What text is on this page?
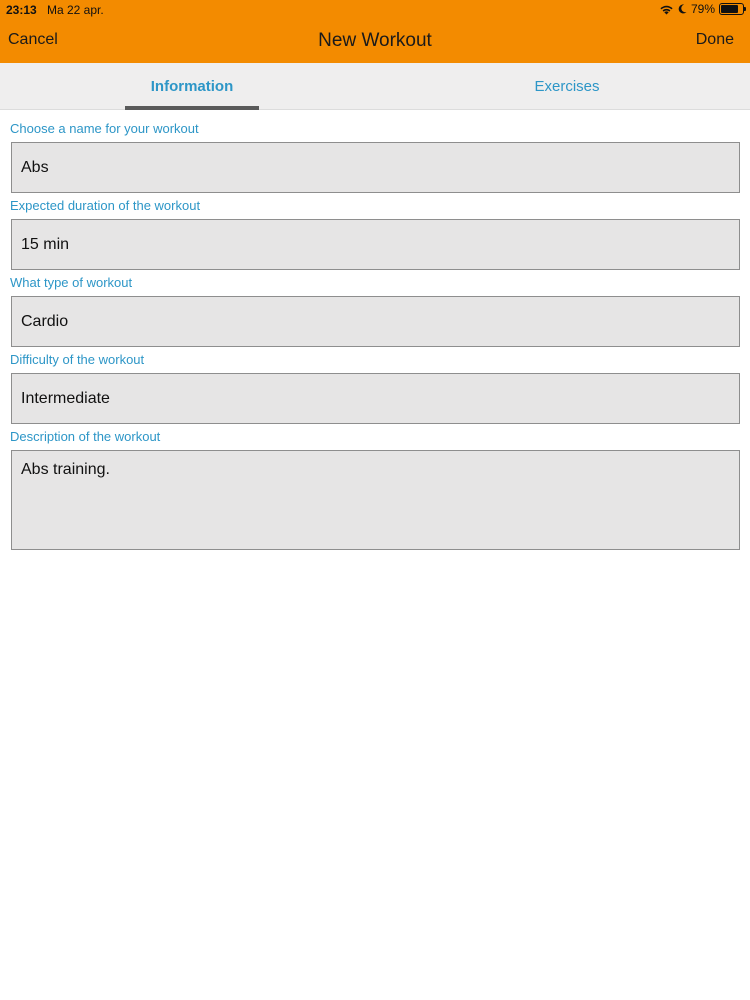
23:13 Ma 22 apr.	79%
Cancel	New Workout	Done
Information	Exercises
Choose a name for your workout
Abs
Expected duration of the workout
15 min
What type of workout
Cardio
Difficulty of the workout
Intermediate
Description of the workout
Abs training.
